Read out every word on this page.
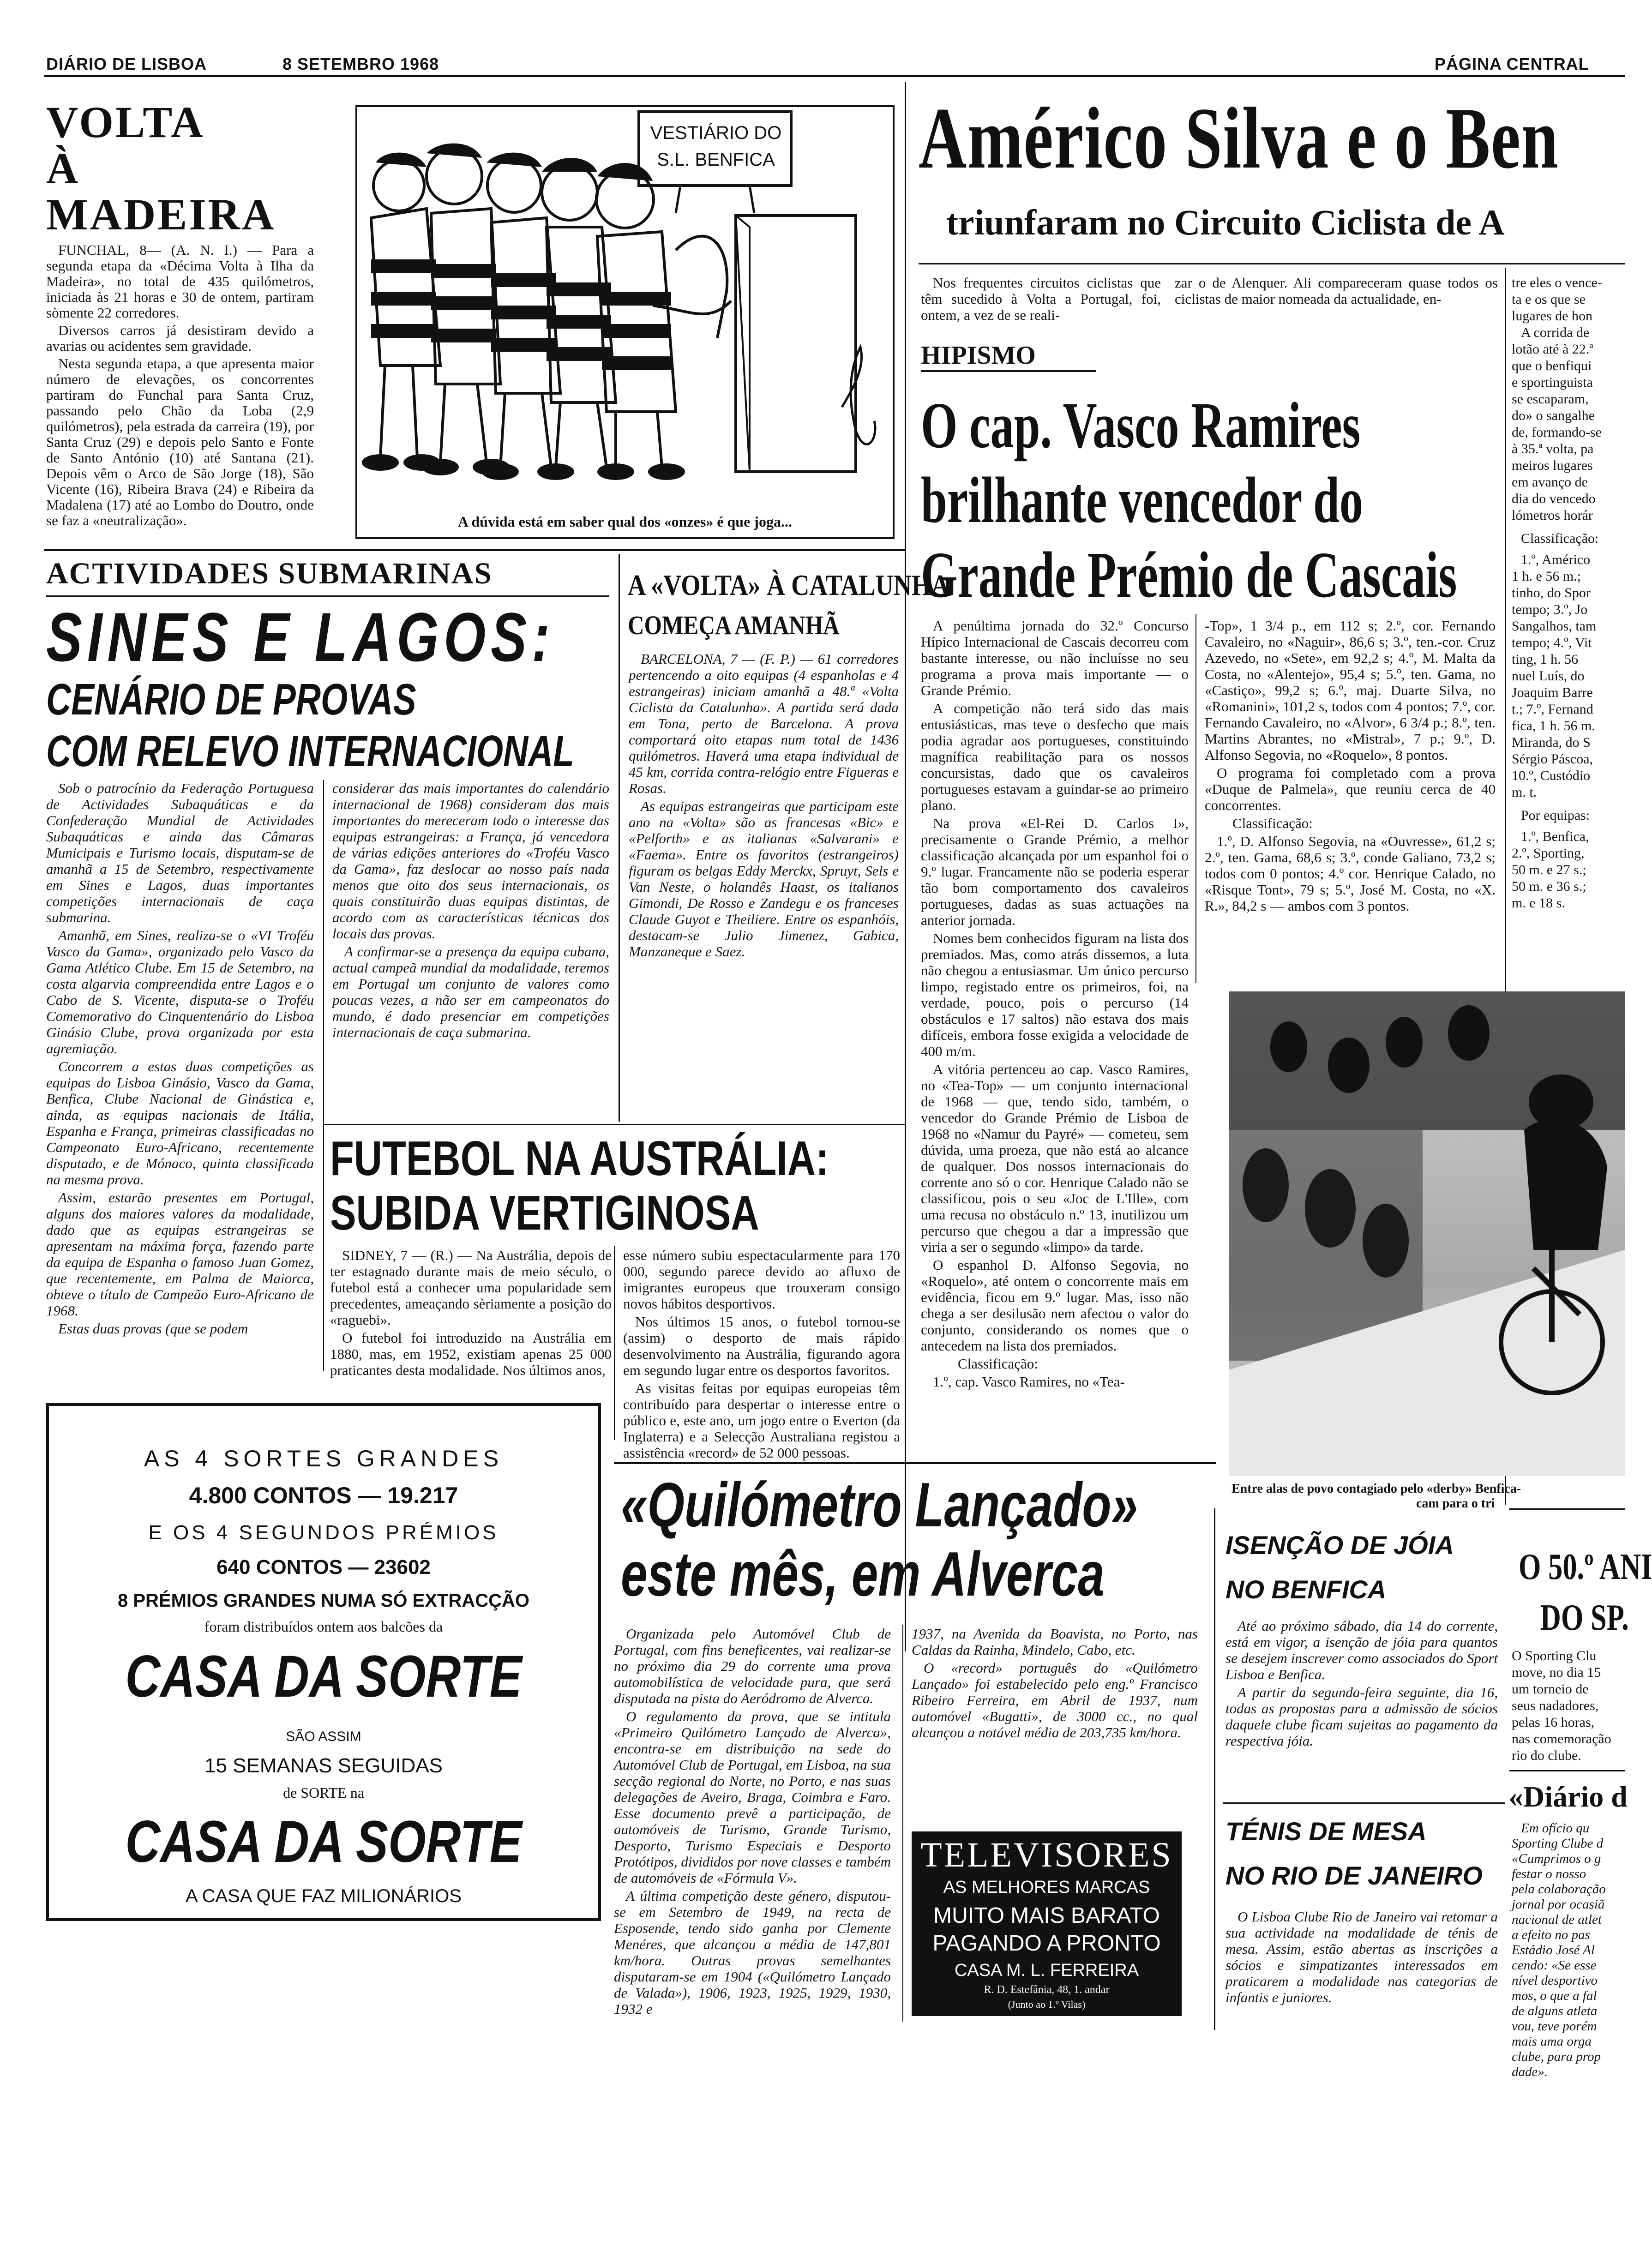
DIÁRIO DE LISBOA	8 SETEMBRO 1968	PÁGINA CENTRAL
VOLTA
À MADEIRA

FUNCHAL, 8— (A. N. I.) — Para a segunda etapa da «Décima Volta à Ilha da Madeira», no total de 435 quilómetros, iniciada às 21 horas e 30 de ontem, partiram sòmente 22 corredores.

Diversos carros já desistiram devido a avarias ou acidentes sem gravidade.

Nesta segunda etapa, a que apresenta maior número de elevações, os concorrentes partiram do Funchal para Santa Cruz, passando pelo Chão da Loba (2,9 quilómetros), pela estrada da carreira (19), por Santa Cruz (29) e depois pelo Santo e Fonte de Santo António (10) até Santana (21). Depois vêm o Arco de São Jorge (18), São Vicente (16), Ribeira Brava (24) e Ribeira da Madalena (17) até ao Lombo do Doutro, onde se faz a «neutralização».

VESTIÁRIO DO
S.L. BENFICA
A dúvida está em saber qual dos «onzes» é que joga...
Américo Silva e o Ben
triunfaram no Circuito Ciclista de A
Nos frequentes circuitos ciclistas que têm sucedido à Volta a Portugal, foi, ontem, a vez de se reali-
zar o de Alenquer. Ali compareceram quase todos os ciclistas de maior nomeada da actualidade, en-
tre eles o vence-
ta e os que se
lugares de hon
A corrida de
lotão até à 22.ª
que o benfiqui
e sportinguista
se escaparam,
do» o sangalhe
de, formando-se
à 35.ª volta, pa
meiros lugares
em avanço de
dia do vencedo
lómetros horár
Classificação:
1.º, Américo
1 h. e 56 m.;
tinho, do Spor
tempo; 3.º, Jo
Sangalhos, tam
tempo; 4.º, Vit
ting, 1 h. 56
nuel Luís, do
Joaquim Barre
t.; 7.º, Fernand
fica, 1 h. 56 m.
Miranda, do S
Sérgio Páscoa,
10.º, Custódio
m. t.
Por equipas:
1.º, Benfica,
2.º, Sporting,
50 m. e 27 s.;
50 m. e 36 s.;
m. e 18 s.
HIPISMO
O cap. Vasco Ramires
brilhante vencedor do
Grande Prémio de Cascais

A penúltima jornada do 32.º Concurso Hípico Internacional de Cascais decorreu com bastante interesse, ou não incluísse no seu programa a prova mais importante — o Grande Prémio.

A competição não terá sido das mais entusiásticas, mas teve o desfecho que mais podia agradar aos portugueses, constituindo magnífica reabilitação para os nossos concursistas, dado que os cavaleiros portugueses estavam a guindar-se ao primeiro plano.

Na prova «El-Rei D. Carlos I», precisamente o Grande Prémio, a melhor classificação alcançada por um espanhol foi o 9.º lugar. Francamente não se poderia esperar tão bom comportamento dos cavaleiros portugueses, dadas as suas actuações na anterior jornada.

Nomes bem conhecidos figuram na lista dos premiados. Mas, como atrás dissemos, a luta não chegou a entusiasmar. Um único percurso limpo, registado entre os primeiros, foi, na verdade, pouco, pois o percurso (14 obstáculos e 17 saltos) não estava dos mais difíceis, embora fosse exigida a velocidade de 400 m/m.

A vitória pertenceu ao cap. Vasco Ramires, no «Tea-Top» — um conjunto internacional de 1968 — que, tendo sido, também, o vencedor do Grande Prémio de Lisboa de 1968 no «Namur du Payré» — cometeu, sem dúvida, uma proeza, que não está ao alcance de qualquer. Dos nossos internacionais do corrente ano só o cor. Henrique Calado não se classificou, pois o seu «Joc de L'Ille», com uma recusa no obstáculo n.º 13, inutilizou um percurso que chegou a dar a impressão que viria a ser o segundo «limpo» da tarde.

O espanhol D. Alfonso Segovia, no «Roquelo», até ontem o concorrente mais em evidência, ficou em 9.º lugar. Mas, isso não chega a ser desilusão nem afectou o valor do conjunto, considerando os nomes que o antecedem na lista dos premiados.

Classificação:

1.º, cap. Vasco Ramires, no «Tea-

-Top», 1 3/4 p., em 112 s; 2.º, cor. Fernando Cavaleiro, no «Naguir», 86,6 s; 3.º, ten.-cor. Cruz Azevedo, no «Sete», em 92,2 s; 4.º, M. Malta da Costa, no «Alentejo», 95,4 s; 5.º, ten. Gama, no «Castiço», 99,2 s; 6.º, maj. Duarte Silva, no «Romanini», 101,2 s, todos com 4 pontos; 7.º, cor. Fernando Cavaleiro, no «Alvor», 6 3/4 p.; 8.º, ten. Martins Abrantes, no «Mistral», 7 p.; 9.º, D. Alfonso Segovia, no «Roquelo», 8 pontos.

O programa foi completado com a prova «Duque de Palmela», que reuniu cerca de 40 concorrentes.

Classificação:

1.º, D. Alfonso Segovia, na «Ouvresse», 61,2 s; 2.º, ten. Gama, 68,6 s; 3.º, conde Galiano, 73,2 s; todos com 0 pontos; 4.º cor. Henrique Calado, no «Risque Tont», 79 s; 5.º, José M. Costa, no «X. R.», 84,2 s — ambos com 3 pontos.

Entre alas de povo contagiado pelo «derby» Benfica-
cam para o tri
ACTIVIDADES SUBMARINAS
SINES E LAGOS:
CENÁRIO DE PROVAS
COM RELEVO INTERNACIONAL

Sob o patrocínio da Federação Portuguesa de Actividades Subaquáticas e da Confederação Mundial de Actividades Subaquáticas e ainda das Câmaras Municipais e Turismo locais, disputam-se de amanhã a 15 de Setembro, respectivamente em Sines e Lagos, duas importantes competições internacionais de caça submarina.

Amanhã, em Sines, realiza-se o «VI Troféu Vasco da Gama», organizado pelo Vasco da Gama Atlético Clube. Em 15 de Setembro, na costa algarvia compreendida entre Lagos e o Cabo de S. Vicente, disputa-se o Troféu Comemorativo do Cinquentenário do Lisboa Ginásio Clube, prova organizada por esta agremiação.

Concorrem a estas duas competições as equipas do Lisboa Ginásio, Vasco da Gama, Benfica, Clube Nacional de Ginástica e, ainda, as equipas nacionais de Itália, Espanha e França, primeiras classificadas no Campeonato Euro-Africano, recentemente disputado, e de Mónaco, quinta classificada na mesma prova.

Assim, estarão presentes em Portugal, alguns dos maiores valores da modalidade, dado que as equipas estrangeiras se apresentam na máxima força, fazendo parte da equipa de Espanha o famoso Juan Gomez, que recentemente, em Palma de Maiorca, obteve o título de Campeão Euro-Africano de 1968.

Estas duas provas (que se podem

considerar das mais importantes do calendário internacional de 1968) consideram das mais importantes do mereceram todo o interesse das equipas estrangeiras: a França, já vencedora de várias edições anteriores do «Troféu Vasco da Gama», faz deslocar ao nosso país nada menos que oito dos seus internacionais, os quais constituirão duas equipas distintas, de acordo com as características técnicas dos locais das provas.

A confirmar-se a presença da equipa cubana, actual campeã mundial da modalidade, teremos em Portugal um conjunto de valores como poucas vezes, a não ser em campeonatos do mundo, é dado presenciar em competições internacionais de caça submarina.

A «VOLTA» À CATALUNHA
COMEÇA AMANHÃ

BARCELONA, 7 — (F. P.) — 61 corredores pertencendo a oito equipas (4 espanholas e 4 estrangeiras) iniciam amanhã a 48.ª «Volta Ciclista da Catalunha». A partida será dada em Tona, perto de Barcelona. A prova comportará oito etapas num total de 1436 quilómetros. Haverá uma etapa individual de 45 km, corrida contra-relógio entre Figueras e Rosas.

As equipas estrangeiras que participam este ano na «Volta» são as francesas «Bic» e «Pelforth» e as italianas «Salvarani» e «Faema». Entre os favoritos (estrangeiros) figuram os belgas Eddy Merckx, Spruyt, Sels e Van Neste, o holandês Haast, os italianos Gimondi, De Rosso e Zandegu e os franceses Claude Guyot e Theiliere. Entre os espanhóis, destacam-se Julio Jimenez, Gabica, Manzaneque e Saez.

FUTEBOL NA AUSTRÁLIA:
SUBIDA VERTIGINOSA

SIDNEY, 7 — (R.) — Na Austrália, depois de ter estagnado durante mais de meio século, o futebol está a conhecer uma popularidade sem precedentes, ameaçando sèriamente a posição do «raguebi».

O futebol foi introduzido na Austrália em 1880, mas, em 1952, existiam apenas 25 000 praticantes desta modalidade. Nos últimos anos,

esse número subiu espectacularmente para 170 000, segundo parece devido ao afluxo de imigrantes europeus que trouxeram consigo novos hábitos desportivos.

Nos últimos 15 anos, o futebol tornou-se (assim) o desporto de mais rápido desenvolvimento na Austrália, figurando agora em segundo lugar entre os desportos favoritos.

As visitas feitas por equipas europeias têm contribuído para despertar o interesse entre o público e, este ano, um jogo entre o Everton (da Inglaterra) e a Selecção Australiana registou a assistência «record» de 52 000 pessoas.

AS 4 SORTES GRANDES
4.800 CONTOS — 19.217
E OS 4 SEGUNDOS PRÉMIOS
640 CONTOS — 23602
8 PRÉMIOS GRANDES NUMA SÓ EXTRACÇÃO
foram distribuídos ontem aos balcões da
CASA DA SORTE
SÃO ASSIM
15 SEMANAS SEGUIDAS
de SORTE na
CASA DA SORTE
A CASA QUE FAZ MILIONÁRIOS
«Quilómetro Lançado»
este mês, em Alverca

Organizada pelo Automóvel Club de Portugal, com fins beneficentes, vai realizar-se no próximo dia 29 do corrente uma prova automobilística de velocidade pura, que será disputada na pista do Aeródromo de Alverca.

O regulamento da prova, que se intitula «Primeiro Quilómetro Lançado de Alverca», encontra-se em distribuição na sede do Automóvel Club de Portugal, em Lisboa, na sua secção regional do Norte, no Porto, e nas suas delegações de Aveiro, Braga, Coimbra e Faro. Esse documento prevê a participação, de automóveis de Turismo, Grande Turismo, Desporto, Turismo Especiais e Desporto Protótipos, divididos por nove classes e também de automóveis de «Fórmula V».

A última competição deste género, disputou-se em Setembro de 1949, na recta de Esposende, tendo sido ganha por Clemente Menéres, que alcançou a média de 147,801 km/hora. Outras provas semelhantes disputaram-se em 1904 («Quilómetro Lançado de Valada»), 1906, 1923, 1925, 1929, 1930, 1932 e

1937, na Avenida da Boavista, no Porto, nas Caldas da Rainha, Mindelo, Cabo, etc.

O «record» português do «Quilómetro Lançado» foi estabelecido pelo eng.º Francisco Ribeiro Ferreira, em Abril de 1937, num automóvel «Bugatti», de 3000 cc., no qual alcançou a notável média de 203,735 km/hora.

TELEVISORES
AS MELHORES MARCAS
MUITO MAIS BARATO
PAGANDO A PRONTO
CASA M. L. FERREIRA
R. D. Estefânia, 48, 1. andar
(Junto ao 1.º Vilas)
ISENÇÃO DE JÓIA
NO BENFICA

Até ao próximo sábado, dia 14 do corrente, está em vigor, a isenção de jóia para quantos se desejem inscrever como associados do Sport Lisboa e Benfica.

A partir da segunda-feira seguinte, dia 16, todas as propostas para a admissão de sócios daquele clube ficam sujeitas ao pagamento da respectiva jóia.

TÉNIS DE MESA
NO RIO DE JANEIRO

O Lisboa Clube Rio de Janeiro vai retomar a sua actividade na modalidade de ténis de mesa. Assim, estão abertas as inscrições a sócios e simpatizantes interessados em praticarem a modalidade nas categorias de infantis e juniores.

O 50.º ANI
DO SP.
O Sporting Clu
move, no dia 15
um torneio de
seus nadadores,
pelas 16 horas,
nas comemoração
rio do clube.
«Diário d
Em ofício qu
Sporting Clube d
«Cumprimos o g
festar o nosso
pela colaboração
jornal por ocasiã
nacional de atlet
a efeito no pas
Estádio José Al
cendo: «Se esse
nível desportivo
mos, o que a fal
de alguns atleta
vou, teve porém
mais uma orga
clube, para prop
dade».
